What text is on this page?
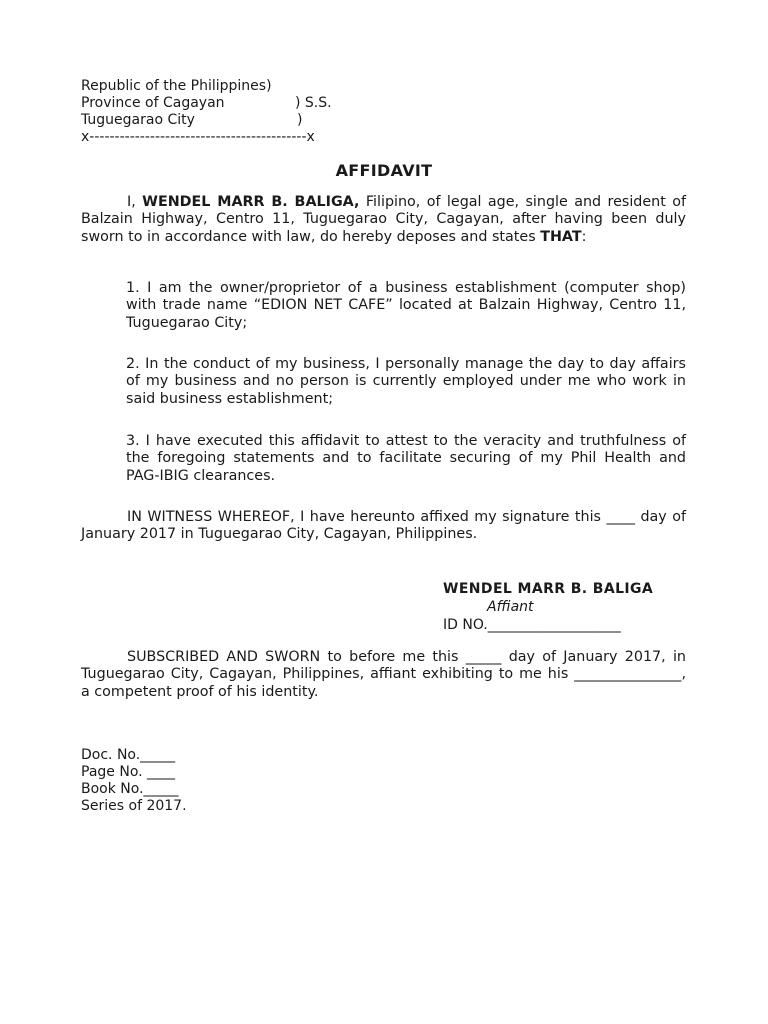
Republic of the Philippines)
Province of Cagayan	) S.S.
Tuguegarao City	)
x-------------------------------------------x
AFFIDAVIT
I, WENDEL MARR B. BALIGA, Filipino, of legal age, single and resident of Balzain Highway, Centro 11, Tuguegarao City, Cagayan, after having been duly sworn to in accordance with law, do hereby deposes and states THAT:
1. I am the owner/proprietor of a business establishment (computer shop) with trade name “EDION NET CAFE” located at Balzain Highway, Centro 11, Tuguegarao City;
2. In the conduct of my business, I personally manage the day to day affairs of my business and no person is currently employed under me who work in said business establishment;
3. I have executed this affidavit to attest to the veracity and truthfulness of the foregoing statements and to facilitate securing of my Phil Health and PAG-IBIG clearances.
IN WITNESS WHEREOF, I have hereunto affixed my signature this ____ day of January 2017 in Tuguegarao City, Cagayan, Philippines.
WENDEL MARR B. BALIGA
Affiant
ID NO.___________________
SUBSCRIBED AND SWORN to before me this _____ day of January 2017, in Tuguegarao City, Cagayan, Philippines, affiant exhibiting to me his _______________, a competent proof of his identity.
Doc. No._____
Page No. ____
Book No._____
Series of 2017.
